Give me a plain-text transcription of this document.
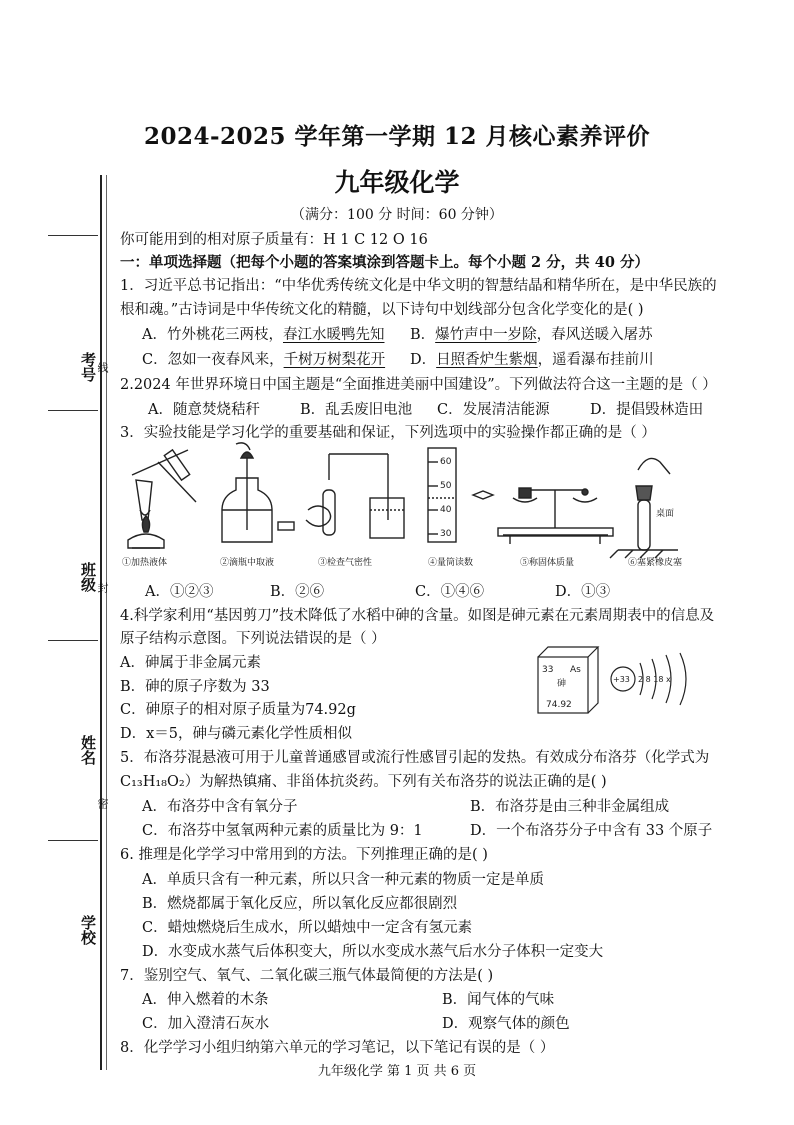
2024-2025 学年第一学期 12 月核心素养评价
九年级化学
（满分：100 分 时间：60 分钟）
考号 线
班级 封
姓名
密
学校
你可能用到的相对原子质量有：H 1 C 12 O 16
一：单项选择题（把每个小题的答案填涂到答题卡上。每个小题 2 分，共 40 分）
1．习近平总书记指出：“中华优秀传统文化是中华文明的智慧结晶和精华所在，是中华民族的
根和魂。”古诗词是中华传统文化的精髓，以下诗句中划线部分包含化学变化的是( )
A．竹外桃花三两枝，春江水暖鸭先知 B．爆竹声中一岁除，春风送暖入屠苏
C．忽如一夜春风来，千树万树梨花开 D．日照香炉生紫烟，遥看瀑布挂前川
2.2024 年世界环境日中国主题是“全面推进美丽中国建设”。下列做法符合这一主题的是（ ）
A．随意焚烧秸秆	B．乱丢废旧电池 C．发展清洁能源	D．提倡毁林造田
3．实验技能是学习化学的重要基础和保证，下列选项中的实验操作都正确的是（ ）
60
50
40
30
桌面
①加热液体	②滴瓶中取液	③检查气密性	④量筒读数	⑤称固体质量	⑥塞紧橡皮塞
A．①②③	B．②⑥	C．①④⑥	D．①③
4.科学家利用“基因剪刀”技术降低了水稻中砷的含量。如图是砷元素在元素周期表中的信息及
原子结构示意图。下列说法错误的是（ ）
A．砷属于非金属元素
B．砷的原子序数为 33
C．砷原子的相对原子质量为74.92g
D．x＝5，砷与磷元素化学性质相似
33 As
砷
74.92
+33 2 8 18 x
5．布洛芬混悬液可用于儿童普通感冒或流行性感冒引起的发热。有效成分布洛芬（化学式为
C₁₃H₁₈O₂）为解热镇痛、非甾体抗炎药。下列有关布洛芬的说法正确的是( )
A．布洛芬中含有氧分子	B．布洛芬是由三种非金属组成
C．布洛芬中氢氧两种元素的质量比为 9：1	D．一个布洛芬分子中含有 33 个原子
6. 推理是化学学习中常用到的方法。下列推理正确的是( )
A．单质只含有一种元素，所以只含一种元素的物质一定是单质
B．燃烧都属于氧化反应，所以氧化反应都很剧烈
C．蜡烛燃烧后生成水，所以蜡烛中一定含有氢元素
D．水变成水蒸气后体积变大，所以水变成水蒸气后水分子体积一定变大
7．鉴别空气、氧气、二氧化碳三瓶气体最简便的方法是( )
A．伸入燃着的木条	B．闻气体的气味
C．加入澄清石灰水	D．观察气体的颜色
8．化学学习小组归纳第六单元的学习笔记，以下笔记有误的是（ ）
九年级化学 第 1 页 共 6 页
